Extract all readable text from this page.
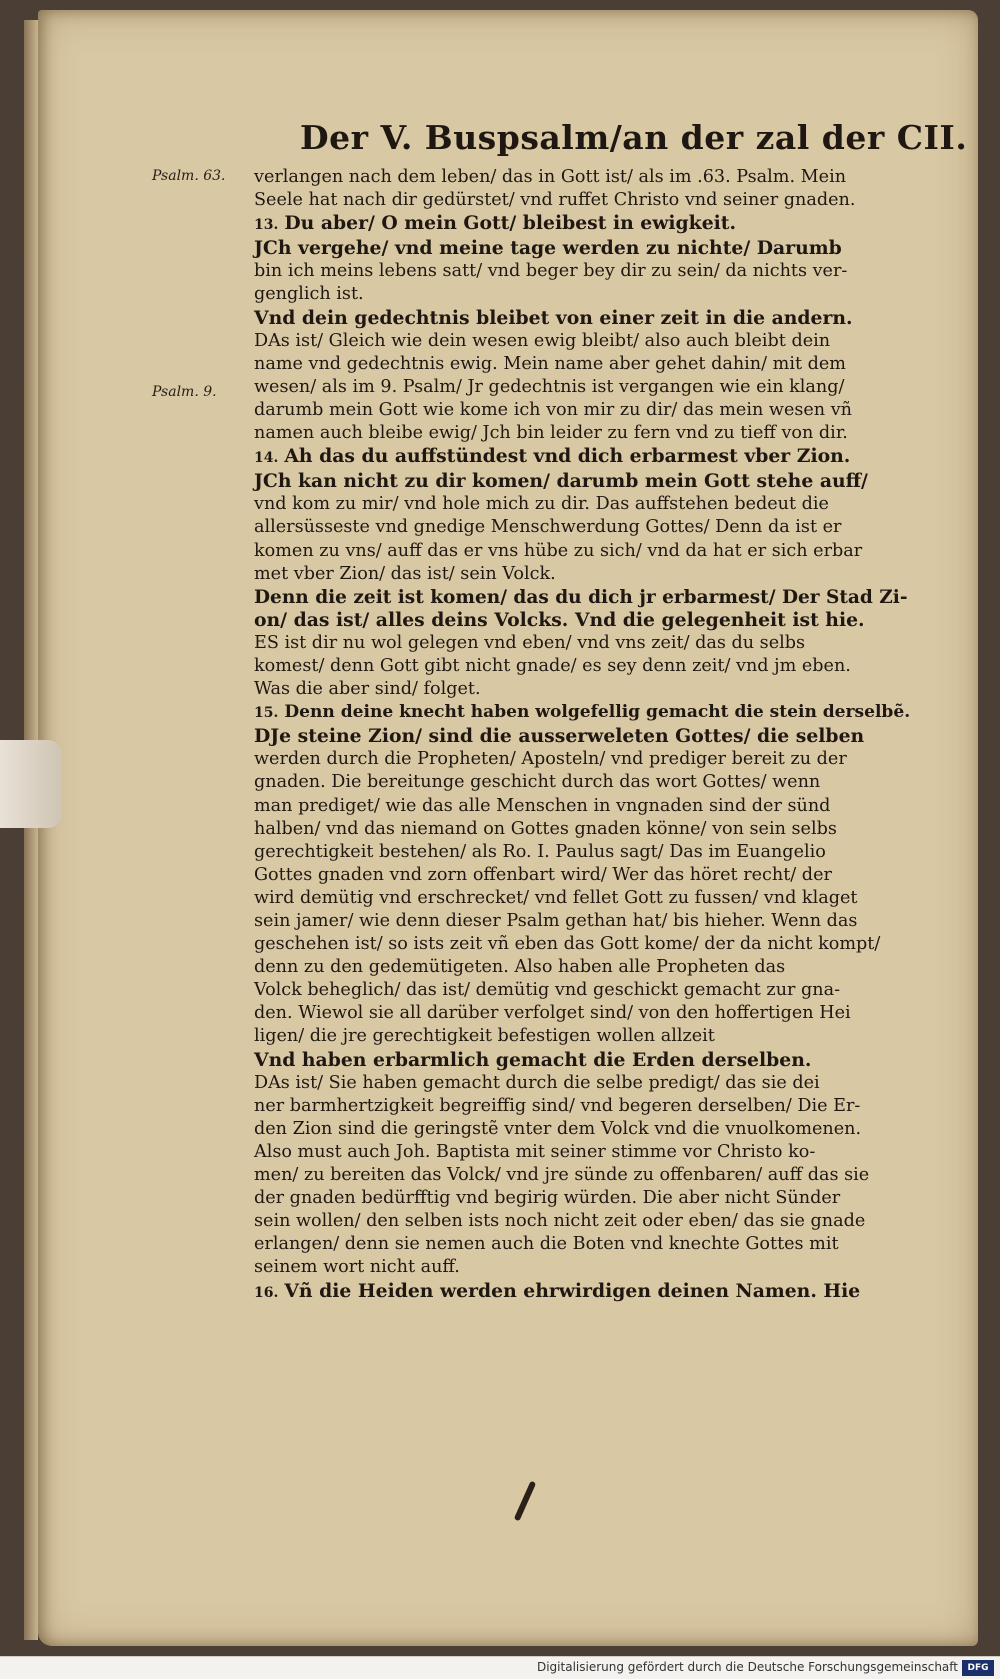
Der V. Buspsalm/an der zal der CII.
Psalm. 63.
Psalm. 9.
verlangen nach dem leben/ das in Gott ist/ als im .63. Psalm. Mein
Seele hat nach dir gedürstet/ vnd ruffet Christo vnd seiner gnaden.
13. Du aber/ O mein Gott/ bleibest in ewigkeit.
JCh vergehe/ vnd meine tage werden zu nichte/ Darumb
bin ich meins lebens satt/ vnd beger bey dir zu sein/ da nichts ver-
genglich ist.
Vnd dein gedechtnis bleibet von einer zeit in die andern.
DAs ist/ Gleich wie dein wesen ewig bleibt/ also auch bleibt dein
name vnd gedechtnis ewig. Mein name aber gehet dahin/ mit dem
wesen/ als im 9. Psalm/ Jr gedechtnis ist vergangen wie ein klang/
darumb mein Gott wie kome ich von mir zu dir/ das mein wesen vñ
namen auch bleibe ewig/ Jch bin leider zu fern vnd zu tieff von dir.
14. Ah das du auffstündest vnd dich erbarmest vber Zion.
JCh kan nicht zu dir komen/ darumb mein Gott stehe auff/
vnd kom zu mir/ vnd hole mich zu dir. Das auffstehen bedeut die
allersüsseste vnd gnedige Menschwerdung Gottes/ Denn da ist er
komen zu vns/ auff das er vns hübe zu sich/ vnd da hat er sich erbar
met vber Zion/ das ist/ sein Volck.
Denn die zeit ist komen/ das du dich jr erbarmest/ Der Stad Zi-
on/ das ist/ alles deins Volcks. Vnd die gelegenheit ist hie.
ES ist dir nu wol gelegen vnd eben/ vnd vns zeit/ das du selbs
komest/ denn Gott gibt nicht gnade/ es sey denn zeit/ vnd jm eben.
Was die aber sind/ folget.
15. Denn deine knecht haben wolgefellig gemacht die stein derselbẽ.
DJe steine Zion/ sind die ausserweleten Gottes/ die selben
werden durch die Propheten/ Aposteln/ vnd prediger bereit zu der
gnaden. Die bereitunge geschicht durch das wort Gottes/ wenn
man prediget/ wie das alle Menschen in vngnaden sind der sünd
halben/ vnd das niemand on Gottes gnaden könne/ von sein selbs
gerechtigkeit bestehen/ als Ro. I. Paulus sagt/ Das im Euangelio
Gottes gnaden vnd zorn offenbart wird/ Wer das höret recht/ der
wird demütig vnd erschrecket/ vnd fellet Gott zu fussen/ vnd klaget
sein jamer/ wie denn dieser Psalm gethan hat/ bis hieher. Wenn das
geschehen ist/ so ists zeit vñ eben das Gott kome/ der da nicht kompt/
denn zu den gedemütigeten. Also haben alle Propheten das
Volck beheglich/ das ist/ demütig vnd geschickt gemacht zur gna-
den. Wiewol sie all darüber verfolget sind/ von den hoffertigen Hei
ligen/ die jre gerechtigkeit befestigen wollen allzeit
Vnd haben erbarmlich gemacht die Erden derselben.
DAs ist/ Sie haben gemacht durch die selbe predigt/ das sie dei
ner barmhertzigkeit begreiffig sind/ vnd begeren derselben/ Die Er-
den Zion sind die geringstẽ vnter dem Volck vnd die vnuolkomenen.
Also must auch Joh. Baptista mit seiner stimme vor Christo ko-
men/ zu bereiten das Volck/ vnd jre sünde zu offenbaren/ auff das sie
der gnaden bedürfftig vnd begirig würden. Die aber nicht Sünder
sein wollen/ den selben ists noch nicht zeit oder eben/ das sie gnade
erlangen/ denn sie nemen auch die Boten vnd knechte Gottes mit
seinem wort nicht auff.
16. Vñ die Heiden werden ehrwirdigen deinen Namen. Hie
Digitalisierung gefördert durch die Deutsche Forschungsgemeinschaft	DFG
